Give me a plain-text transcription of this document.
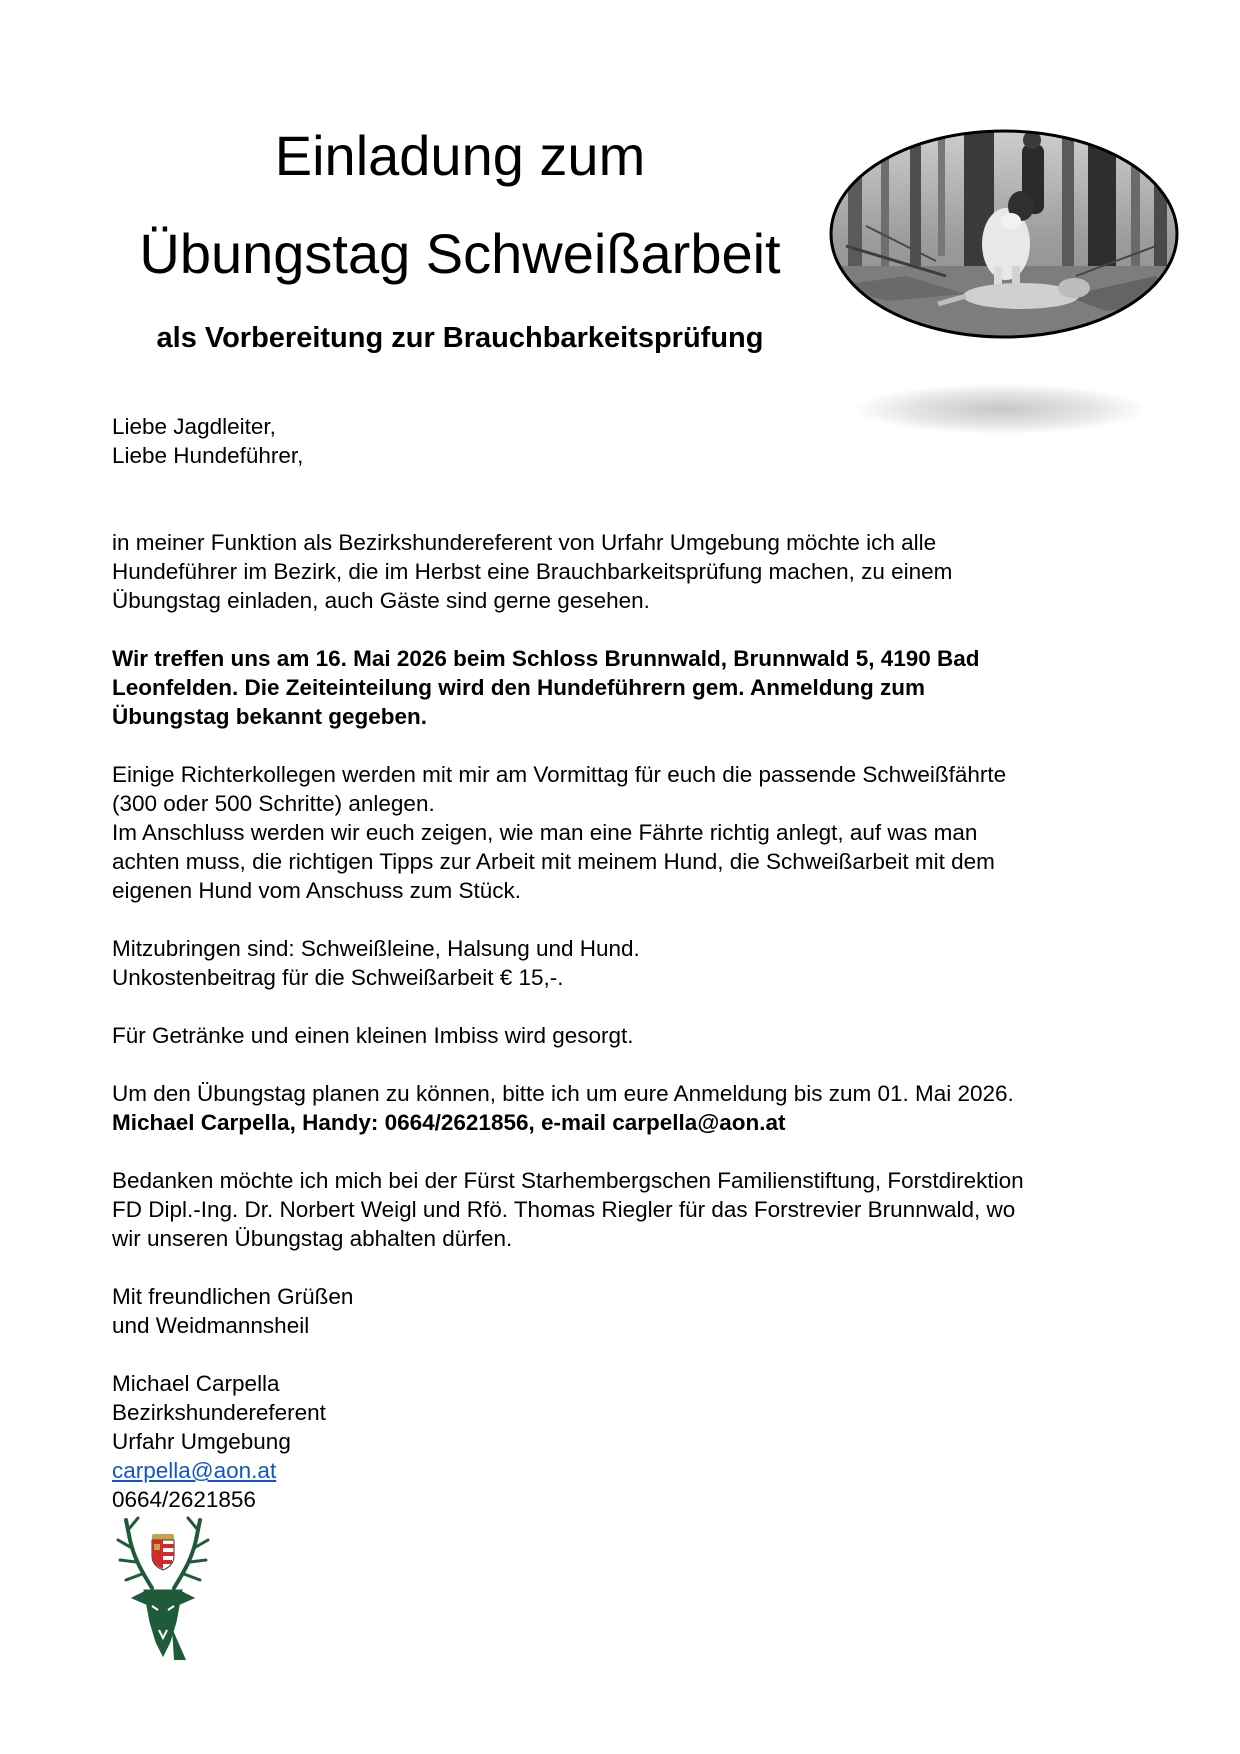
Einladung zum
Übungstag Schweißarbeit
als Vorbereitung zur Brauchbarkeitsprüfung

Liebe Jagdleiter,

Liebe Hundeführer,

in meiner Funktion als Bezirkshundereferent von Urfahr Umgebung möchte ich alle

Hundeführer im Bezirk, die im Herbst eine Brauchbarkeitsprüfung machen, zu einem

Übungstag einladen, auch Gäste sind gerne gesehen.

Wir treffen uns am 16. Mai 2026 beim Schloss Brunnwald, Brunnwald 5, 4190 Bad

Leonfelden. Die Zeiteinteilung wird den Hundeführern gem. Anmeldung zum

Übungstag bekannt gegeben.

Einige Richterkollegen werden mit mir am Vormittag für euch die passende Schweißfährte

(300 oder 500 Schritte) anlegen.

Im Anschluss werden wir euch zeigen, wie man eine Fährte richtig anlegt, auf was man

achten muss, die richtigen Tipps zur Arbeit mit meinem Hund, die Schweißarbeit mit dem

eigenen Hund vom Anschuss zum Stück.

Mitzubringen sind: Schweißleine, Halsung und Hund.

Unkostenbeitrag für die Schweißarbeit € 15,-.

Für Getränke und einen kleinen Imbiss wird gesorgt.

Um den Übungstag planen zu können, bitte ich um eure Anmeldung bis zum 01. Mai 2026.

Michael Carpella, Handy: 0664/2621856, e-mail carpella@aon.at

Bedanken möchte ich mich bei der Fürst Starhembergschen Familienstiftung, Forstdirektion

FD Dipl.-Ing. Dr. Norbert Weigl und Rfö. Thomas Riegler für das Forstrevier Brunnwald, wo

wir unseren Übungstag abhalten dürfen.

Mit freundlichen Grüßen

und Weidmannsheil

Michael Carpella

Bezirkshundereferent

Urfahr Umgebung

carpella@aon.at

0664/2621856
